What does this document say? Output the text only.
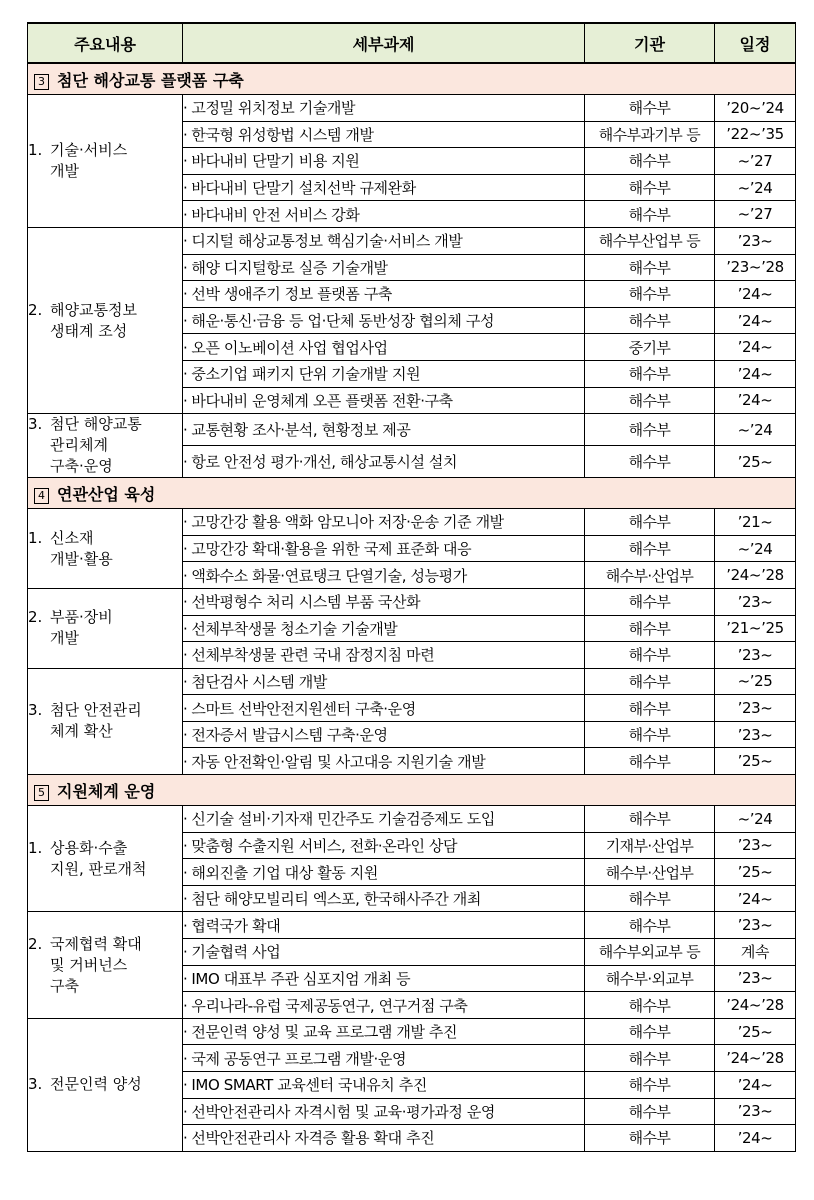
주요내용	세부과제	기관	일정
3 첨단 해상교통 플랫폼 구축			
1. 기술·서비스
개발	· 고정밀 위치정보 기술개발	해수부	’20~’24
	· 한국형 위성항법 시스템 개발	해수부과기부 등	’22~’35
	· 바다내비 단말기 비용 지원	해수부	~’27
	· 바다내비 단말기 설치선박 규제완화	해수부	~’24
	· 바다내비 안전 서비스 강화	해수부	~’27
2. 해양교통정보
생태계 조성	· 디지털 해상교통정보 핵심기술·서비스 개발	해수부산업부 등	’23~
	· 해양 디지털항로 실증 기술개발	해수부	’23~’28
	· 선박 생애주기 정보 플랫폼 구축	해수부	’24~
	· 해운·통신·금융 등 업·단체 동반성장 협의체 구성	해수부	’24~
	· 오픈 이노베이션 사업 협업사업	중기부	’24~
	· 중소기업 패키지 단위 기술개발 지원	해수부	’24~
	· 바다내비 운영체계 오픈 플랫폼 전환·구축	해수부	’24~
3. 첨단 해양교통
관리체계
구축·운영	· 교통현황 조사·분석, 현황정보 제공	해수부	~’24
	· 항로 안전성 평가·개선, 해상교통시설 설치	해수부	’25~
4 연관산업 육성			
1. 신소재
개발·활용	· 고망간강 활용 액화 암모니아 저장·운송 기준 개발	해수부	’21~
	· 고망간강 확대·활용을 위한 국제 표준화 대응	해수부	~’24
	· 액화수소 화물·연료탱크 단열기술, 성능평가	해수부·산업부	’24~’28
2. 부품·장비
개발	· 선박평형수 처리 시스템 부품 국산화	해수부	’23~
	· 선체부착생물 청소기술 기술개발	해수부	’21~’25
	· 선체부착생물 관련 국내 잠정지침 마련	해수부	’23~
3. 첨단 안전관리
체계 확산	· 첨단검사 시스템 개발	해수부	~’25
	· 스마트 선박안전지원센터 구축·운영	해수부	’23~
	· 전자증서 발급시스템 구축·운영	해수부	’23~
	· 자동 안전확인·알림 및 사고대응 지원기술 개발	해수부	’25~
5 지원체계 운영			
1. 상용화·수출
지원, 판로개척	· 신기술 설비·기자재 민간주도 기술검증제도 도입	해수부	~’24
	· 맞춤형 수출지원 서비스, 전화·온라인 상담	기재부·산업부	’23~
	· 해외진출 기업 대상 활동 지원	해수부·산업부	’25~
	· 첨단 해양모빌리티 엑스포, 한국해사주간 개최	해수부	’24~
2. 국제협력 확대
및 거버넌스
구축	· 협력국가 확대	해수부	’23~
	· 기술협력 사업	해수부외교부 등	계속
	· IMO 대표부 주관 심포지엄 개최 등	해수부·외교부	’23~
	· 우리나라-유럽 국제공동연구, 연구거점 구축	해수부	’24~’28
3. 전문인력 양성	· 전문인력 양성 및 교육 프로그램 개발 추진	해수부	’25~
	· 국제 공동연구 프로그램 개발·운영	해수부	’24~’28
	· IMO SMART 교육센터 국내유치 추진	해수부	’24~
	· 선박안전관리사 자격시험 및 교육·평가과정 운영	해수부	’23~
	· 선박안전관리사 자격증 활용 확대 추진	해수부	’24~
